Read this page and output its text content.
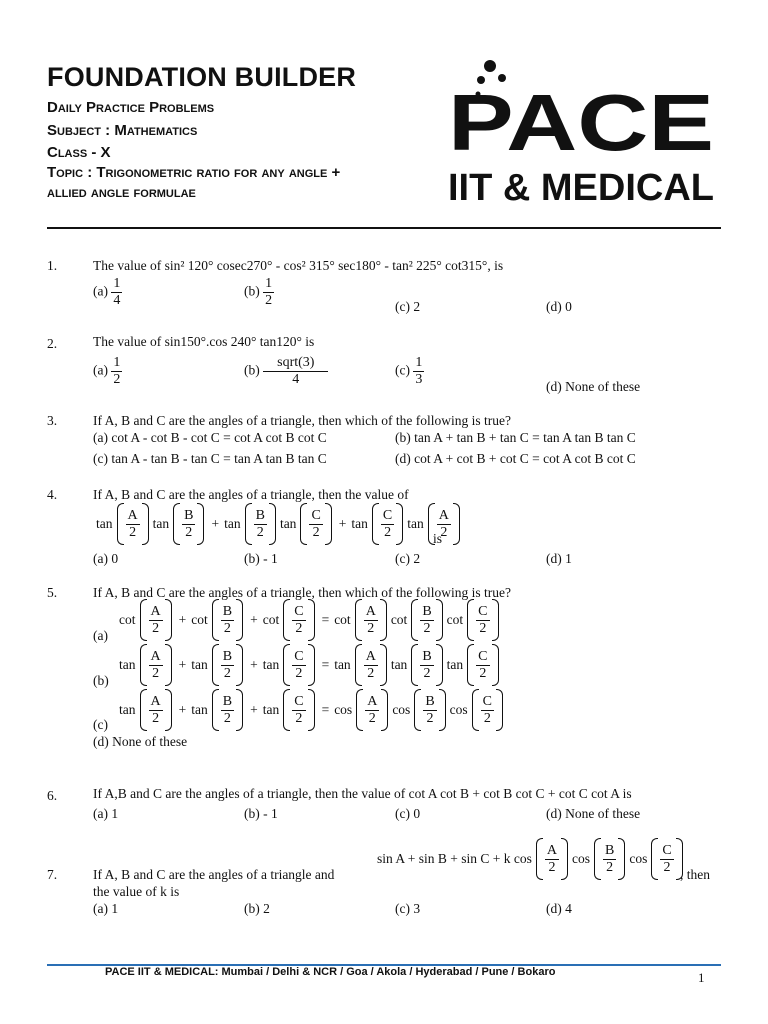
FOUNDATION BUILDER
Daily Practice Problems
Subject : Mathematics
Class - X
Topic : Trigonometric ratio for any angle +
allied angle formulae
PACE
IIT & MEDICAL
1.	The value of sin² 120° cosec270° - cos² 315° sec180° - tan² 225° cot315°, is
$(a) \frac{1}{4}$	$(b) \frac{1}{2}$	(c) 2	(d) 0
2.	The value of sin150°.cos 240° tan120° is
$(a) \frac{1}{2}$	$(b) \frac{\text{sqrt(3)}}{4}$	$(c) \frac{1}{3}$	(d) None of these
3.	If A, B and C are the angles of a triangle, then which of the following is true?
(a) cot A - cot B - cot C = cot A cot B cot C	(b) tan A + tan B + tan C = tan A tan B tan C
(c) tan A - tan B - tan C = tan A tan B tan C	(d) cot A + cot B + cot C = cot A cot B cot C
4.	If A, B and C are the angles of a triangle, then the value of
$\tan \frac{A}{2}$ $\tan \frac{B}{2} + \tan \frac{B}{2}$ $\tan \frac{C}{2} + \tan \frac{C}{2}$ $\tan \frac{A}{2}$
is
(a) 0	(b) - 1	(c) 2	(d) 1
5.	If A, B and C are the angles of a triangle, then which of the following is true?
$\cot \frac{A}{2} + \cot \frac{B}{2} + \cot \frac{C}{2} = \cot \frac{A}{2}$ $\cot \frac{B}{2}$ $\cot \frac{C}{2}$
(a)
$\tan \frac{A}{2} + \tan \frac{B}{2} + \tan \frac{C}{2} = \tan \frac{A}{2}$ $\tan \frac{B}{2}$ $\tan \frac{C}{2}$
(b)
$\tan \frac{A}{2} + \tan \frac{B}{2} + \tan \frac{C}{2} = \cos \frac{A}{2}$ $\cos \frac{B}{2}$ $\cos \frac{C}{2}$
(c)
(d) None of these
6.	If A,B and C are the angles of a triangle, then the value of cot A cot B + cot B cot C + cot C cot A is
(a) 1	(b) - 1	(c) 0	(d) None of these
sin A + sin B + sin C + k $\cos \frac{A}{2}$ $\cos \frac{B}{2}$ $\cos \frac{C}{2}$ , then
7.	If A, B and C are the angles of a triangle and
the value of k is
(a) 1	(b) 2	(c) 3	(d) 4
PACE IIT & MEDICAL: Mumbai / Delhi & NCR / Goa / Akola / Hyderabad / Pune / Bokaro	1
